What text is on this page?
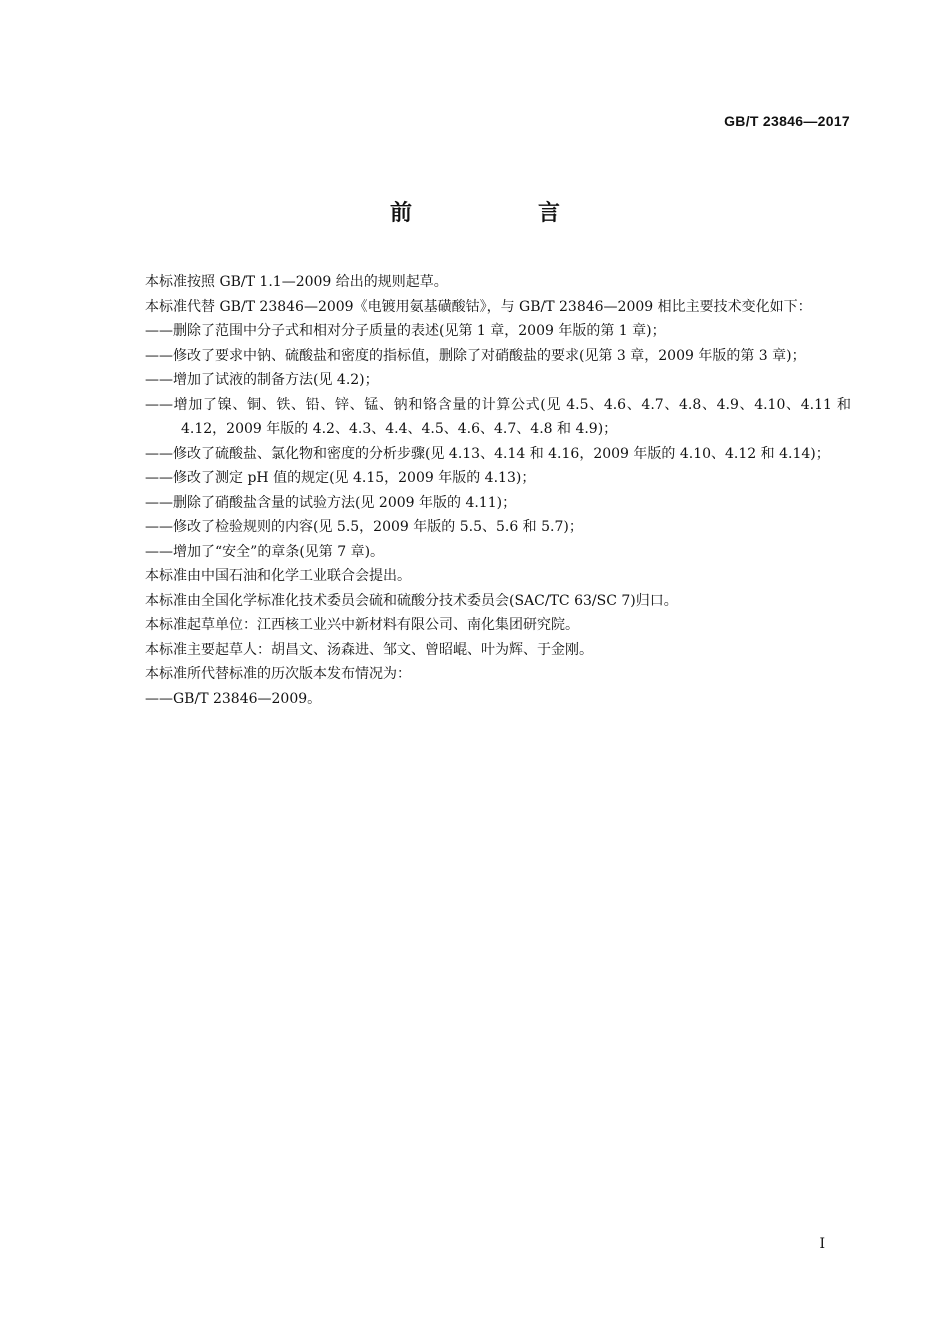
GB/T 23846—2017
前　言

本标准按照 GB/T 1.1—2009 给出的规则起草。

本标准代替 GB/T 23846—2009《电镀用氨基磺酸钴》，与 GB/T 23846—2009 相比主要技术变化如下：

——删除了范围中分子式和相对分子质量的表述(见第 1 章，2009 年版的第 1 章)；

——修改了要求中钠、硫酸盐和密度的指标值，删除了对硝酸盐的要求(见第 3 章，2009 年版的第 3 章)；

——增加了试液的制备方法(见 4.2)；

——增加了镍、铜、铁、铅、锌、锰、钠和铬含量的计算公式(见 4.5、4.6、4.7、4.8、4.9、4.10、4.11 和 4.12，2009 年版的 4.2、4.3、4.4、4.5、4.6、4.7、4.8 和 4.9)；

——修改了硫酸盐、氯化物和密度的分析步骤(见 4.13、4.14 和 4.16，2009 年版的 4.10、4.12 和 4.14)；

——修改了测定 pH 值的规定(见 4.15，2009 年版的 4.13)；

——删除了硝酸盐含量的试验方法(见 2009 年版的 4.11)；

——修改了检验规则的内容(见 5.5，2009 年版的 5.5、5.6 和 5.7)；

——增加了“安全”的章条(见第 7 章)。

本标准由中国石油和化学工业联合会提出。

本标准由全国化学标准化技术委员会硫和硫酸分技术委员会(SAC/TC 63/SC 7)归口。

本标准起草单位：江西核工业兴中新材料有限公司、南化集团研究院。

本标准主要起草人：胡昌文、汤森进、邹文、曾昭崐、叶为辉、于金刚。

本标准所代替标准的历次版本发布情况为：

——GB/T 23846—2009。

I
